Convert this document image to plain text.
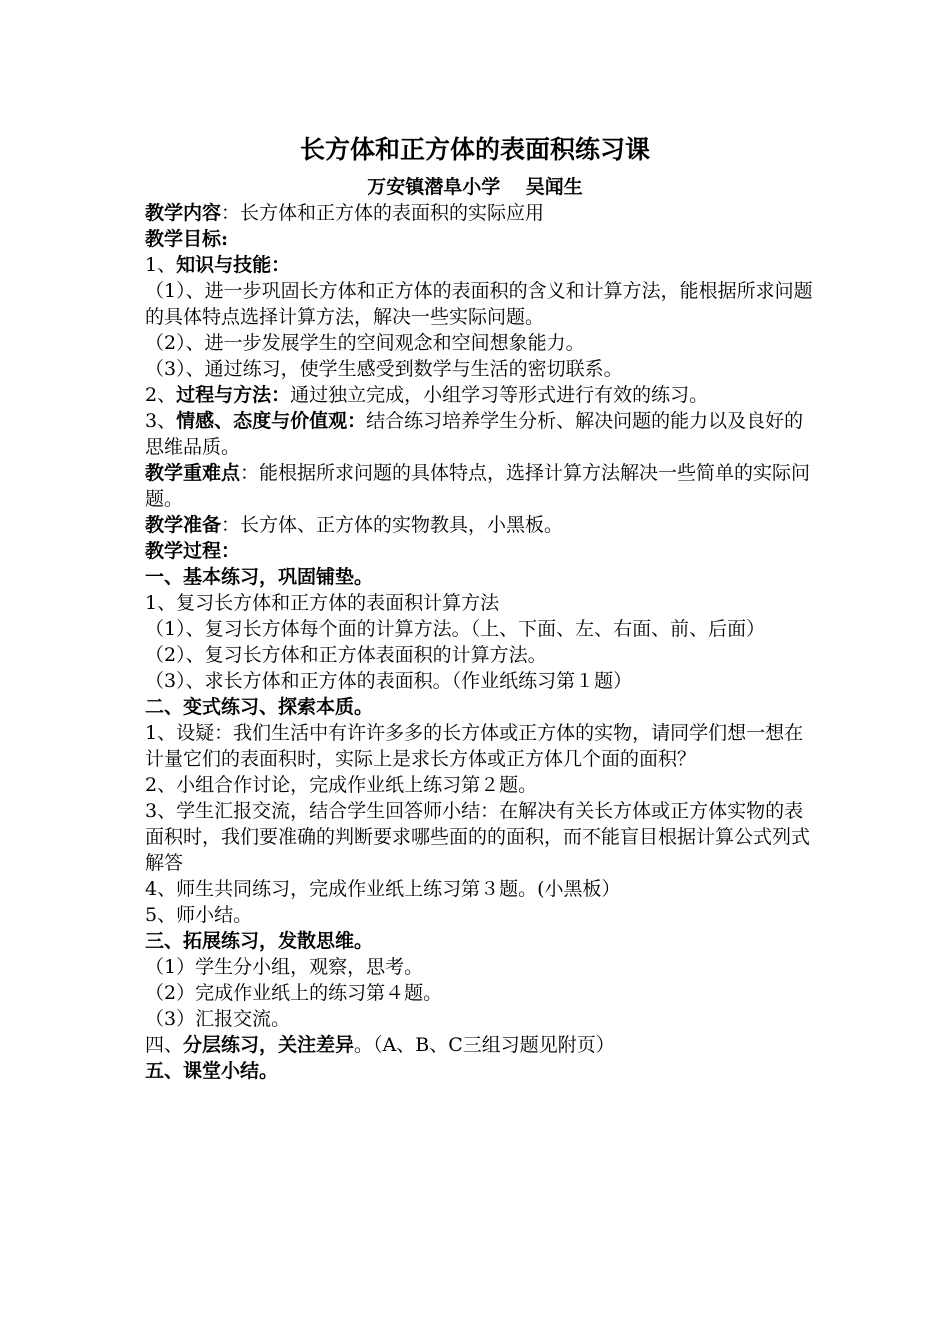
长方体和正方体的表面积练习课
万安镇潜阜小学　 吴闻生

教学内容：长方体和正方体的表面积的实际应用

教学目标:

1、知识与技能：

（1）、进一步巩固长方体和正方体的表面积的含义和计算方法，能根据所求问题的具体特点选择计算方法，解决一些实际问题。

（2）、进一步发展学生的空间观念和空间想象能力。

（3）、通过练习，使学生感受到数学与生活的密切联系。

2、过程与方法：通过独立完成，小组学习等形式进行有效的练习。

3、情感、态度与价值观：结合练习培养学生分析、解决问题的能力以及良好的思维品质。

教学重难点：能根据所求问题的具体特点，选择计算方法解决一些简单的实际问题。

教学准备：长方体、正方体的实物教具，小黑板。

教学过程：

一、基本练习，巩固铺垫。

1、复习长方体和正方体的表面积计算方法

（1）、复习长方体每个面的计算方法。（上、下面、左、右面、前、后面）

（2）、复习长方体和正方体表面积的计算方法。

（3）、求长方体和正方体的表面积。（作业纸练习第１题）

二、变式练习、探索本质。

1、设疑：我们生活中有许许多多的长方体或正方体的实物，请同学们想一想在计量它们的表面积时，实际上是求长方体或正方体几个面的面积？

2、小组合作讨论，完成作业纸上练习第２题。

3、学生汇报交流，结合学生回答师小结：在解决有关长方体或正方体实物的表面积时，我们要准确的判断要求哪些面的的面积，而不能盲目根据计算公式列式解答

4、师生共同练习，完成作业纸上练习第３题。(小黑板）

5、师小结。

三、拓展练习，发散思维。

（1）学生分小组，观察，思考。

（2）完成作业纸上的练习第４题。

（3）汇报交流。

四、分层练习，关注差异。（A、B、C三组习题见附页）

五、课堂小结。
